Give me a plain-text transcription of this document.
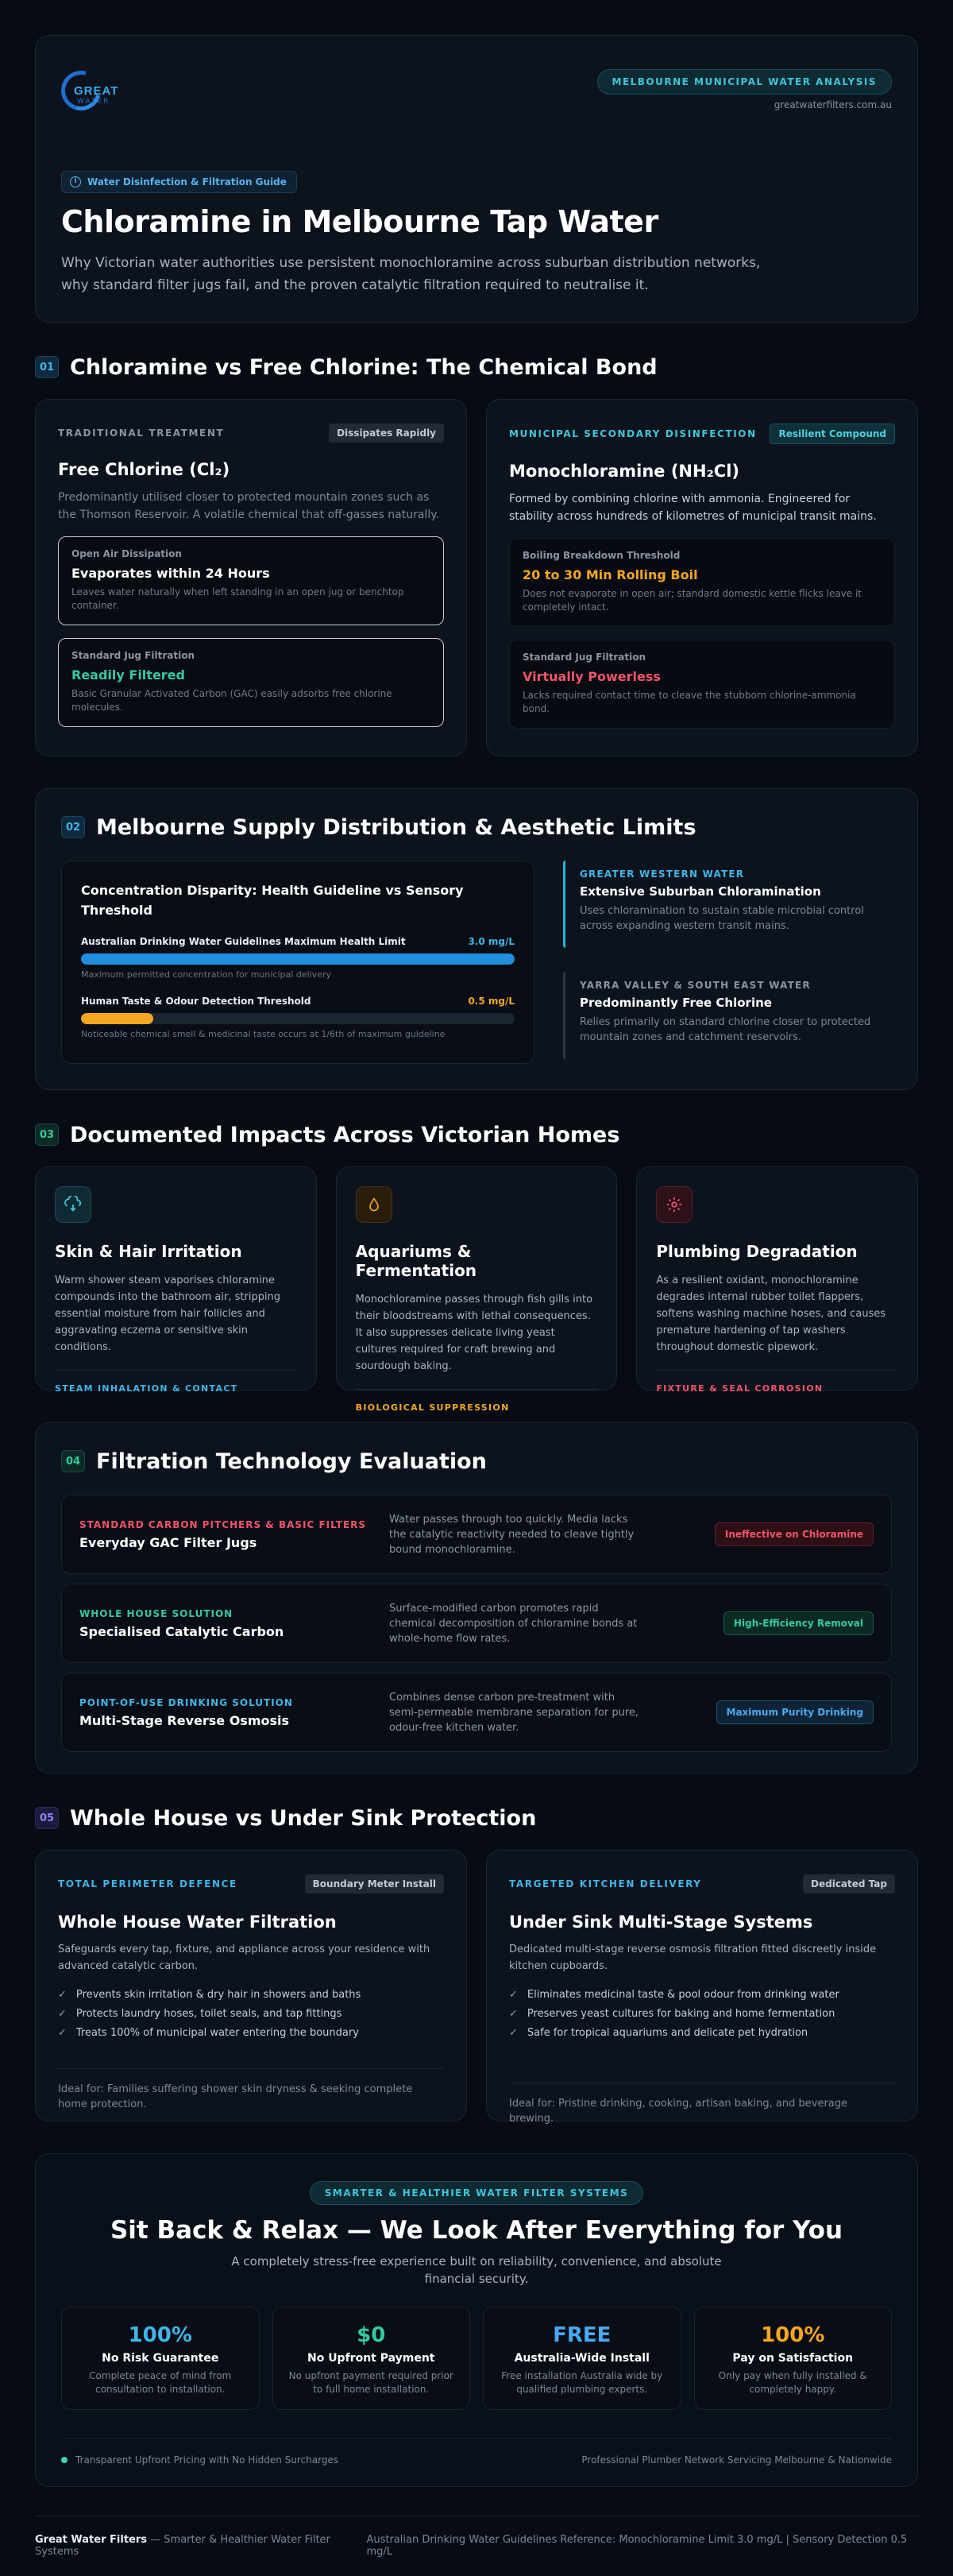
GREAT
WATER
MELBOURNE MUNICIPAL WATER ANALYSIS
greatwaterfilters.com.au
i	Water Disinfection & Filtration Guide
Chloramine in Melbourne Tap Water

Why Victorian water authorities use persistent monochloramine across suburban distribution networks, why standard filter jugs fail, and the proven catalytic filtration required to neutralise it.

01 Chloramine vs Free Chlorine: The Chemical Bond
TRADITIONAL TREATMENT	Dissipates Rapidly
Free Chlorine (Cl₂)
Predominantly utilised closer to protected mountain zones such as the Thomson Reservoir. A volatile chemical that off-gasses naturally.
Open Air Dissipation
Evaporates within 24 Hours
Leaves water naturally when left standing in an open jug or benchtop container.
Standard Jug Filtration
Readily Filtered
Basic Granular Activated Carbon (GAC) easily adsorbs free chlorine molecules.
MUNICIPAL SECONDARY DISINFECTION	Resilient Compound
Monochloramine (NH₂Cl)
Formed by combining chlorine with ammonia. Engineered for stability across hundreds of kilometres of municipal transit mains.
Boiling Breakdown Threshold
20 to 30 Min Rolling Boil
Does not evaporate in open air; standard domestic kettle flicks leave it completely intact.
Standard Jug Filtration
Virtually Powerless
Lacks required contact time to cleave the stubborn chlorine-ammonia bond.
02 Melbourne Supply Distribution & Aesthetic Limits
Concentration Disparity: Health Guideline vs Sensory Threshold
Australian Drinking Water Guidelines Maximum Health Limit	3.0 mg/L
Maximum permitted concentration for municipal delivery
Human Taste & Odour Detection Threshold	0.5 mg/L
Noticeable chemical smell & medicinal taste occurs at 1/6th of maximum guideline
GREATER WESTERN WATER
Extensive Suburban Chloramination
Uses chloramination to sustain stable microbial control across expanding western transit mains.
YARRA VALLEY & SOUTH EAST WATER
Predominantly Free Chlorine
Relies primarily on standard chlorine closer to protected mountain zones and catchment reservoirs.
03 Documented Impacts Across Victorian Homes
Skin & Hair Irritation

Warm shower steam vaporises chloramine compounds into the bathroom air, stripping essential moisture from hair follicles and aggravating eczema or sensitive skin conditions.

STEAM INHALATION & CONTACT
Aquariums & Fermentation

Monochloramine passes through fish gills into their bloodstreams with lethal consequences. It also suppresses delicate living yeast cultures required for craft brewing and sourdough baking.

BIOLOGICAL SUPPRESSION
Plumbing Degradation

As a resilient oxidant, monochloramine degrades internal rubber toilet flappers, softens washing machine hoses, and causes premature hardening of tap washers throughout domestic pipework.

FIXTURE & SEAL CORROSION
04 Filtration Technology Evaluation
STANDARD CARBON PITCHERS & BASIC FILTERS
Everyday GAC Filter Jugs
Water passes through too quickly. Media lacks the catalytic reactivity needed to cleave tightly bound monochloramine.
Ineffective on Chloramine
WHOLE HOUSE SOLUTION
Specialised Catalytic Carbon
Surface-modified carbon promotes rapid chemical decomposition of chloramine bonds at whole-home flow rates.
High-Efficiency Removal
POINT-OF-USE DRINKING SOLUTION
Multi-Stage Reverse Osmosis
Combines dense carbon pre-treatment with semi-permeable membrane separation for pure, odour-free kitchen water.
Maximum Purity Drinking
05 Whole House vs Under Sink Protection
TOTAL PERIMETER DEFENCE	Boundary Meter Install
Whole House Water Filtration
Safeguards every tap, fixture, and appliance across your residence with advanced catalytic carbon.
✓ Prevents skin irritation & dry hair in showers and baths
✓ Protects laundry hoses, toilet seals, and tap fittings
✓ Treats 100% of municipal water entering the boundary
Ideal for: Families suffering shower skin dryness & seeking complete home protection.
TARGETED KITCHEN DELIVERY	Dedicated Tap
Under Sink Multi-Stage Systems
Dedicated multi-stage reverse osmosis filtration fitted discreetly inside kitchen cupboards.
✓ Eliminates medicinal taste & pool odour from drinking water
✓ Preserves yeast cultures for baking and home fermentation
✓ Safe for tropical aquariums and delicate pet hydration
Ideal for: Pristine drinking, cooking, artisan baking, and beverage brewing.
SMARTER & HEALTHIER WATER FILTER SYSTEMS
Sit Back & Relax — We Look After Everything for You
A completely stress-free experience built on reliability, convenience, and absolute financial security.
100%
No Risk Guarantee
Complete peace of mind from consultation to installation.
$0
No Upfront Payment
No upfront payment required prior to full home installation.
FREE
Australia-Wide Install
Free installation Australia wide by qualified plumbing experts.
100%
Pay on Satisfaction
Only pay when fully installed & completely happy.
Transparent Upfront Pricing with No Hidden Surcharges	Professional Plumber Network Servicing Melbourne & Nationwide
Great Water Filters — Smarter & Healthier Water Filter Systems
Australian Drinking Water Guidelines Reference: Monochloramine Limit 3.0 mg/L | Sensory Detection 0.5 mg/L
